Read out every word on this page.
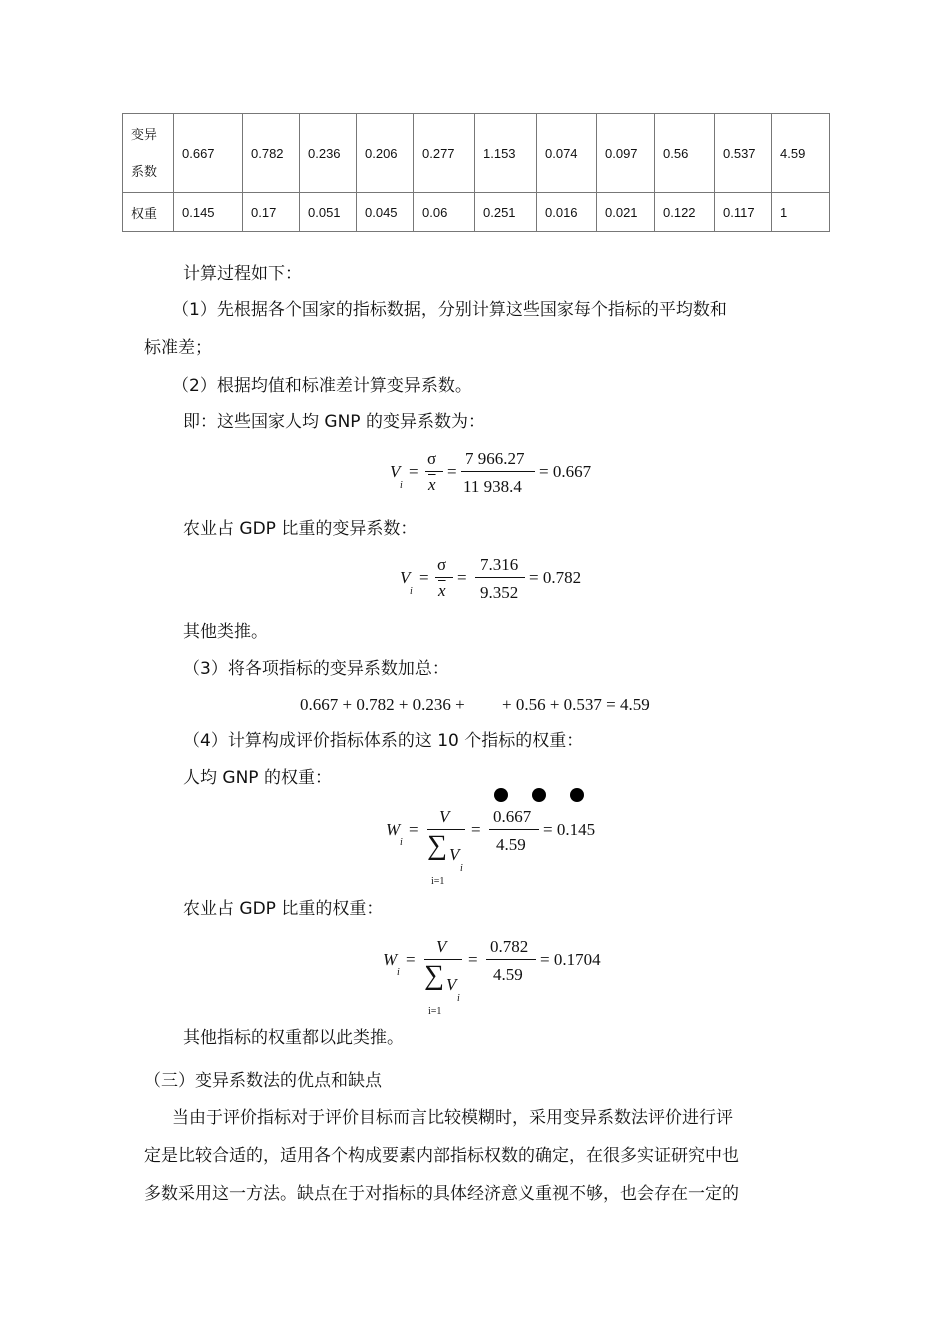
变异
系数	0.667	0.782	0.236	0.206	0.277	1.153	0.074	0.097	0.56	0.537	4.59
权重	0.145	0.17	0.051	0.045	0.06	0.251	0.016	0.021	0.122	0.117	1
计算过程如下：
（1）先根据各个国家的指标数据，分别计算这些国家每个指标的平均数和
标准差；
（2）根据均值和标准差计算变异系数。
即：这些国家人均 GNP 的变异系数为：
V
i
=
σ
$\overline{x}$
=
7 966.27
11 938.4
= 0.667
农业占 GDP 比重的变异系数：
V
i
=
σ
$\overline{x}$
=
7.316
9.352
= 0.782
其他类推。
（3）将各项指标的变异系数加总：
0.667 + 0.782 + 0.236 + + 0.56 + 0.537 = 4.59
（4）计算构成评价指标体系的这 10 个指标的权重：
人均 GNP 的权重：
W
i
=
V
∑ V
i
i=1
=
0.667
4.59
= 0.145
农业占 GDP 比重的权重：
W
i
=
V
∑ V
i
i=1
=
0.782
4.59
= 0.1704
其他指标的权重都以此类推。
（三）变异系数法的优点和缺点
当由于评价指标对于评价目标而言比较模糊时，采用变异系数法评价进行评
定是比较合适的，适用各个构成要素内部指标权数的确定，在很多实证研究中也
多数采用这一方法。缺点在于对指标的具体经济意义重视不够，也会存在一定的
